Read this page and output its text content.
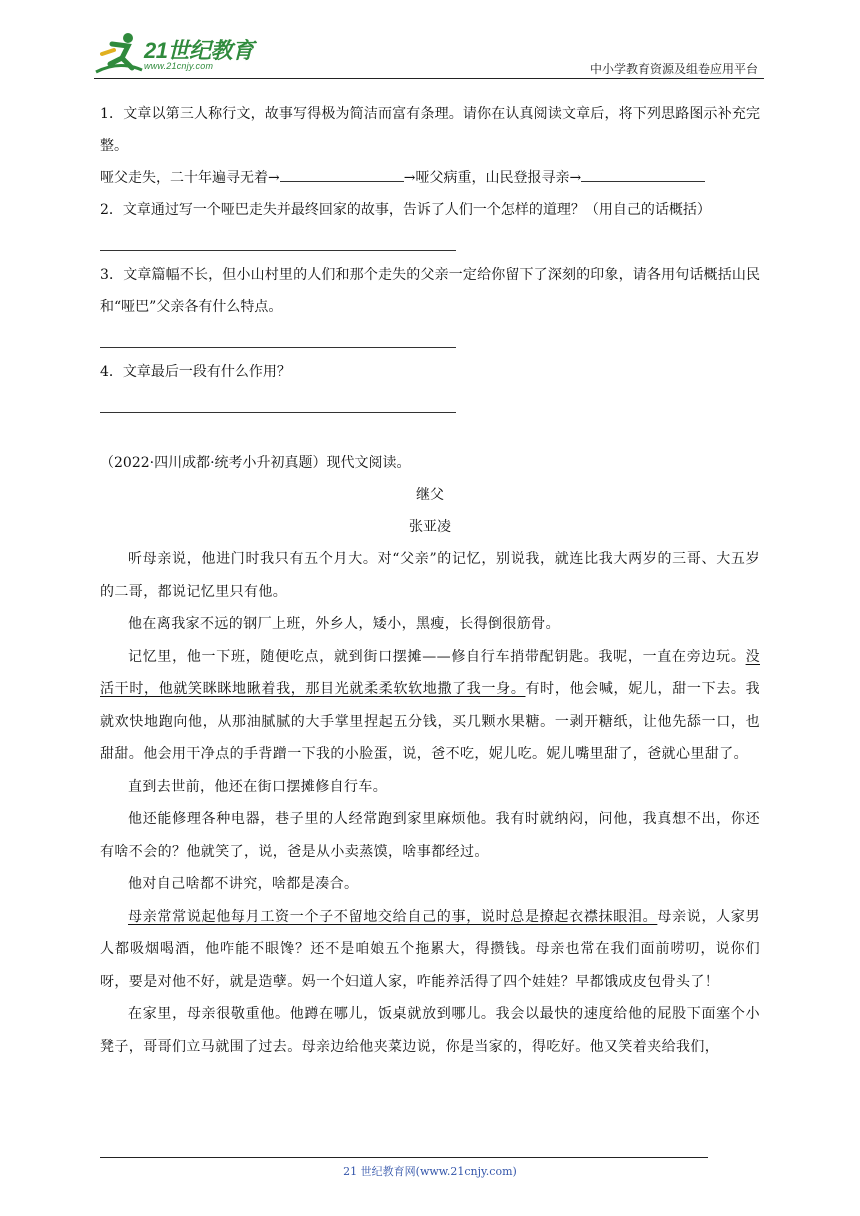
21世纪教育
www.21cnjy.com	中小学教育资源及组卷应用平台

1．文章以第三人称行文，故事写得极为简洁而富有条理。请你在认真阅读文章后，将下列思路图示补充完整。

哑父走失，二十年遍寻无着→	→哑父病重，山民登报寻亲→

2．文章通过写一个哑巴走失并最终回家的故事，告诉了人们一个怎样的道理？（用自己的话概括）

3．文章篇幅不长，但小山村里的人们和那个走失的父亲一定给你留下了深刻的印象，请各用句话概括山民和“哑巴”父亲各有什么特点。

4．文章最后一段有什么作用？

（2022·四川成都·统考小升初真题）现代文阅读。

继父

张亚凌

听母亲说，他进门时我只有五个月大。对“父亲”的记忆，别说我，就连比我大两岁的三哥、大五岁的二哥，都说记忆里只有他。

他在离我家不远的钢厂上班，外乡人，矮小，黑瘦，长得倒很筋骨。

记忆里，他一下班，随便吃点，就到街口摆摊——修自行车捎带配钥匙。我呢，一直在旁边玩。没活干时，他就笑眯眯地瞅着我，那目光就柔柔软软地撒了我一身。有时，他会喊，妮儿，甜一下去。我就欢快地跑向他，从那油腻腻的大手掌里捏起五分钱，买几颗水果糖。一剥开糖纸，让他先舔一口，也甜甜。他会用干净点的手背蹭一下我的小脸蛋，说，爸不吃，妮儿吃。妮儿嘴里甜了，爸就心里甜了。

直到去世前，他还在街口摆摊修自行车。

他还能修理各种电器，巷子里的人经常跑到家里麻烦他。我有时就纳闷，问他，我真想不出，你还有啥不会的？他就笑了，说，爸是从小卖蒸馍，啥事都经过。

他对自己啥都不讲究，啥都是凑合。

母亲常常说起他每月工资一个子不留地交给自己的事，说时总是撩起衣襟抹眼泪。母亲说，人家男人都吸烟喝酒，他咋能不眼馋？还不是咱娘五个拖累大，得攒钱。母亲也常在我们面前唠叨，说你们呀，要是对他不好，就是造孽。妈一个妇道人家，咋能养活得了四个娃娃？早都饿成皮包骨头了！

在家里，母亲很敬重他。他蹲在哪儿，饭桌就放到哪儿。我会以最快的速度给他的屁股下面塞个小凳子，哥哥们立马就围了过去。母亲边给他夹菜边说，你是当家的，得吃好。他又笑着夹给我们，

21 世纪教育网(www.21cnjy.com)
